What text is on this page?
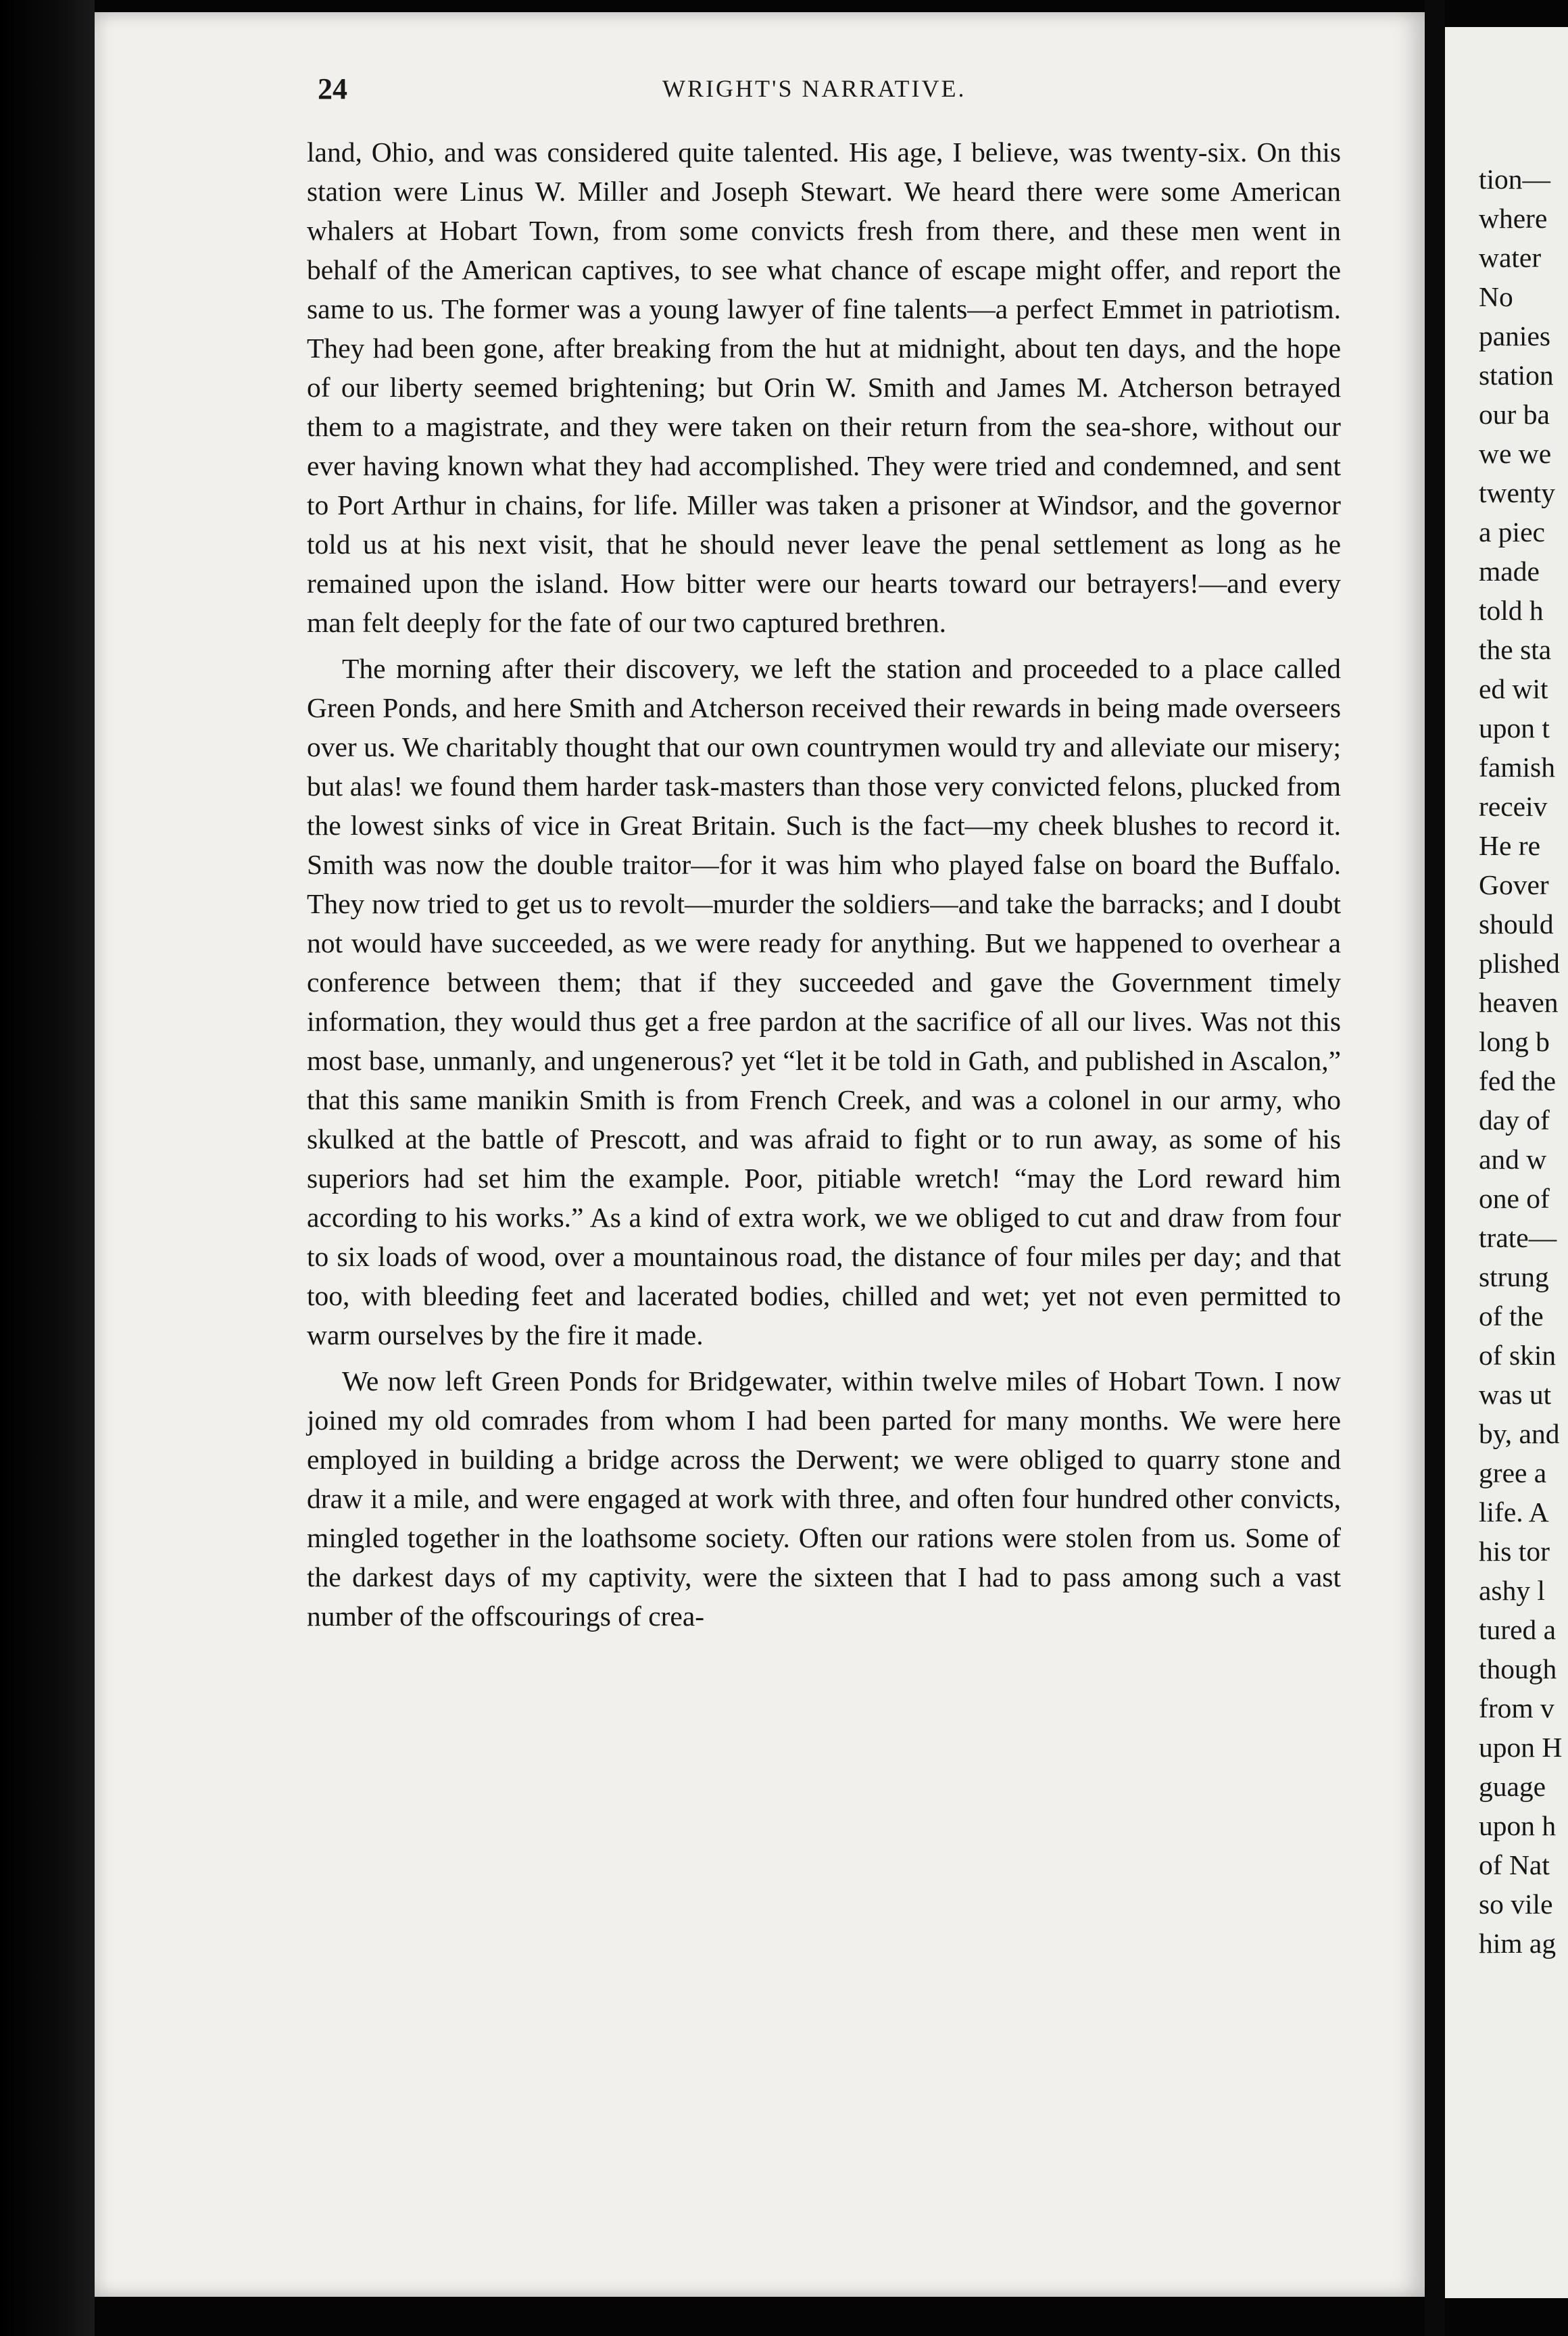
24	WRIGHT'S NARRATIVE.

land, Ohio, and was considered quite talented. His age, I believe, was twenty-six. On this station were Linus W. Miller and Joseph Stewart. We heard there were some American whalers at Hobart Town, from some convicts fresh from there, and these men went in behalf of the American captives, to see what chance of escape might offer, and report the same to us. The former was a young lawyer of fine talents—a perfect Emmet in patriotism. They had been gone, after breaking from the hut at midnight, about ten days, and the hope of our liberty seemed brightening; but Orin W. Smith and James M. Atcherson betrayed them to a magistrate, and they were taken on their return from the sea-shore, without our ever having known what they had accomplished. They were tried and condemned, and sent to Port Arthur in chains, for life. Miller was taken a prisoner at Windsor, and the governor told us at his next visit, that he should never leave the penal settlement as long as he remained upon the island. How bitter were our hearts toward our betrayers!—and every man felt deeply for the fate of our two captured brethren.

The morning after their discovery, we left the station and proceeded to a place called Green Ponds, and here Smith and Atcherson received their rewards in being made overseers over us. We charitably thought that our own countrymen would try and alleviate our misery; but alas! we found them harder task-masters than those very convicted felons, plucked from the lowest sinks of vice in Great Britain. Such is the fact—my cheek blushes to record it. Smith was now the double traitor—for it was him who played false on board the Buffalo. They now tried to get us to revolt—murder the soldiers—and take the barracks; and I doubt not would have succeeded, as we were ready for anything. But we happened to overhear a conference between them; that if they succeeded and gave the Government timely information, they would thus get a free pardon at the sacrifice of all our lives. Was not this most base, unmanly, and ungenerous? yet “let it be told in Gath, and published in Ascalon,” that this same manikin Smith is from French Creek, and was a colonel in our army, who skulked at the battle of Prescott, and was afraid to fight or to run away, as some of his superiors had set him the example. Poor, pitiable wretch! “may the Lord reward him according to his works.” As a kind of extra work, we we obliged to cut and draw from four to six loads of wood, over a mountainous road, the distance of four miles per day; and that too, with bleeding feet and lacerated bodies, chilled and wet; yet not even permitted to warm ourselves by the fire it made.

We now left Green Ponds for Bridgewater, within twelve miles of Hobart Town. I now joined my old comrades from whom I had been parted for many months. We were here employed in building a bridge across the Derwent; we were obliged to quarry stone and draw it a mile, and were engaged at work with three, and often four hundred other convicts, mingled together in the loathsome society. Often our rations were stolen from us. Some of the darkest days of my captivity, were the sixteen that I had to pass among such a vast number of the offscourings of crea-

tion—
where
water
No
panies
station
our ba
we we
twenty
a piec
made
told h
the sta
ed wit
upon t
famish
receiv
He re
Gover
should
plished
heaven
long b
fed the
day of
and w
one of
trate—
strung
of the
of skin
was ut
by, and
gree a
life. A
his tor
ashy l
tured a
though
from v
upon H
guage
upon h
of Nat
so vile
him ag
